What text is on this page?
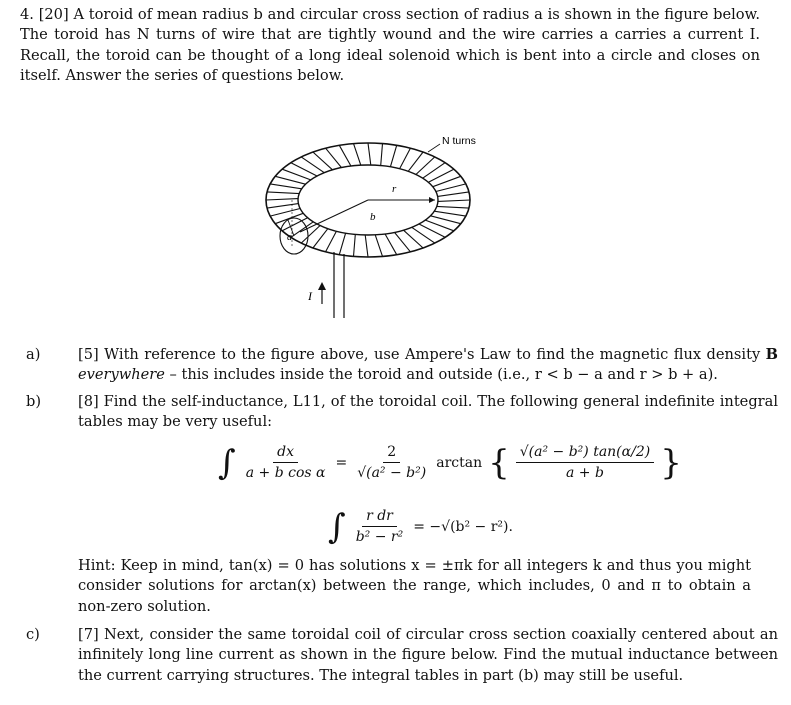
4. [20] A toroid of mean radius b and circular cross section of radius a is shown in the figure below. The toroid has N turns of wire that are tightly wound and the wire carries a carries a current I. Recall, the toroid can be thought of a long ideal solenoid which is bent into a circle and closes on itself. Answer the series of questions below.

N turns
r
b
a
I

a)	[5] With reference to the figure above, use Ampere's Law to find the magnetic flux density B everywhere – this includes inside the toroid and outside (i.e., r < b − a and r > b + a).

b)	[8] Find the self-inductance, L11, of the toroidal coil. The following general indefinite integral tables may be very useful:

∫ $\frac{dx}{\text{a + b cos α}} = \frac{2}{\text{√(a² − b²)}}$ arctan { $\frac{\text{√(a² − b²) tan(α/2)}}{a + b}$ }
∫ $\frac{\text{r dr}}{\text{b² − r²}} = -√(b^2 - r^2)$.

Hint: Keep in mind, tan(x) = 0 has solutions x = ±πk for all integers k and thus you might consider solutions for arctan(x) between the range, which includes, 0 and π to obtain a non-zero solution.

c)	[7] Next, consider the same toroidal coil of circular cross section coaxially centered about an infinitely long line current as shown in the figure below. Find the mutual inductance between the current carrying structures. The integral tables in part (b) may still be useful.
